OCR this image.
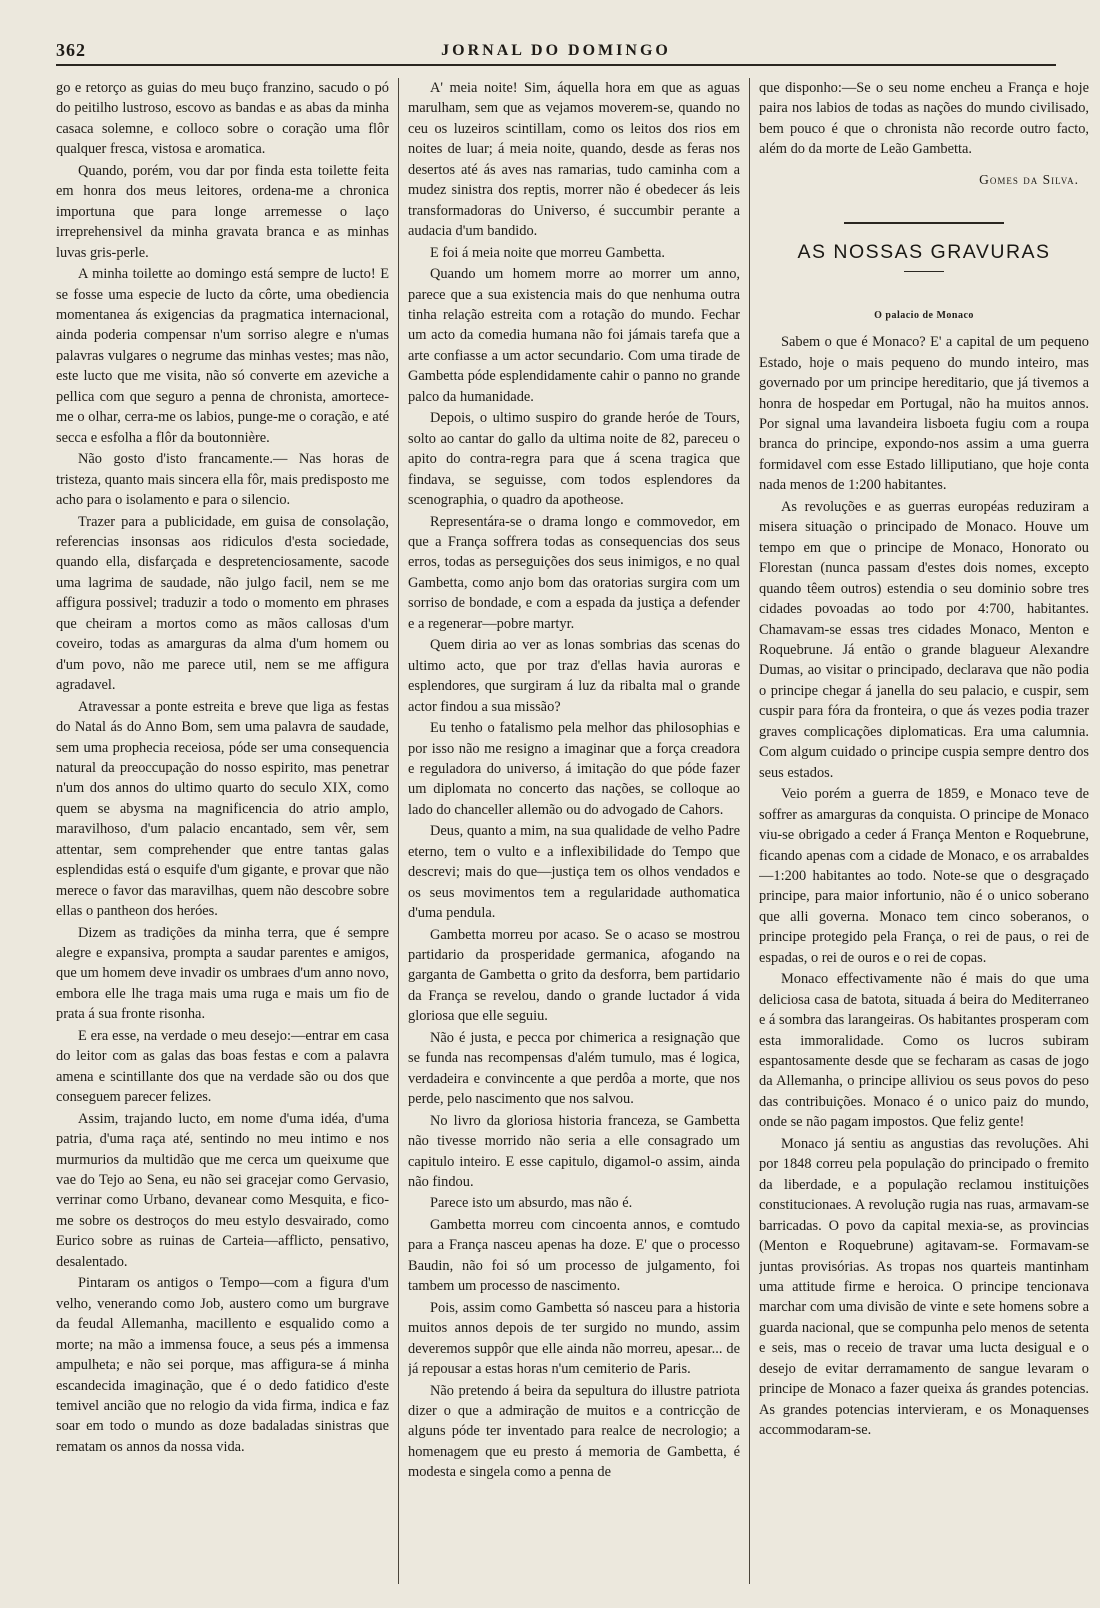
362	JORNAL DO DOMINGO

go e retorço as guias do meu buço franzino, sacudo o pó do peitilho lustroso, escovo as bandas e as abas da minha casaca solemne, e colloco sobre o coração uma flôr qualquer fresca, vistosa e aromatica.

Quando, porém, vou dar por finda esta toilette feita em honra dos meus leitores, ordena-me a chronica importuna que para longe arremesse o laço irreprehensivel da minha gravata branca e as minhas luvas gris-perle.

A minha toilette ao domingo está sempre de lucto! E se fosse uma especie de lucto da côrte, uma obediencia momentanea ás exigencias da pragmatica internacional, ainda poderia compensar n'um sorriso alegre e n'umas palavras vulgares o negrume das minhas vestes; mas não, este lucto que me visita, não só converte em azeviche a pellica com que seguro a penna de chronista, amortece-me o olhar, cerra-me os labios, punge-me o coração, e até secca e esfolha a flôr da boutonnière.

Não gosto d'isto francamente.— Nas horas de tristeza, quanto mais sincera ella fôr, mais predisposto me acho para o isolamento e para o silencio.

Trazer para a publicidade, em guisa de consolação, referencias insonsas aos ridiculos d'esta sociedade, quando ella, disfarçada e despretenciosamente, sacode uma lagrima de saudade, não julgo facil, nem se me affigura possivel; traduzir a todo o momento em phrases que cheiram a mortos como as mãos callosas d'um coveiro, todas as amarguras da alma d'um homem ou d'um povo, não me parece util, nem se me affigura agradavel.

Atravessar a ponte estreita e breve que liga as festas do Natal ás do Anno Bom, sem uma palavra de saudade, sem uma prophecia receiosa, póde ser uma consequencia natural da preoccupação do nosso espirito, mas penetrar n'um dos annos do ultimo quarto do seculo XIX, como quem se abysma na magnificencia do atrio amplo, maravilhoso, d'um palacio encantado, sem vêr, sem attentar, sem comprehender que entre tantas galas esplendidas está o esquife d'um gigante, e provar que não merece o favor das maravilhas, quem não descobre sobre ellas o pantheon dos heróes.

Dizem as tradições da minha terra, que é sempre alegre e expansiva, prompta a saudar parentes e amigos, que um homem deve invadir os umbraes d'um anno novo, embora elle lhe traga mais uma ruga e mais um fio de prata á sua fronte risonha.

E era esse, na verdade o meu desejo:—entrar em casa do leitor com as galas das boas festas e com a palavra amena e scintillante dos que na verdade são ou dos que conseguem parecer felizes.

Assim, trajando lucto, em nome d'uma idéa, d'uma patria, d'uma raça até, sentindo no meu intimo e nos murmurios da multidão que me cerca um queixume que vae do Tejo ao Sena, eu não sei gracejar como Gervasio, verrinar como Urbano, devanear como Mesquita, e fico-me sobre os destroços do meu estylo desvairado, como Eurico sobre as ruinas de Carteia—afflicto, pensativo, desalentado.

Pintaram os antigos o Tempo—com a figura d'um velho, venerando como Job, austero como um burgrave da feudal Allemanha, macillento e esqualido como a morte; na mão a immensa fouce, a seus pés a immensa ampulheta; e não sei porque, mas affigura-se á minha escandecida imaginação, que é o dedo fatidico d'este temivel ancião que no relogio da vida firma, indica e faz soar em todo o mundo as doze badaladas sinistras que rematam os annos da nossa vida.

A' meia noite! Sim, áquella hora em que as aguas marulham, sem que as vejamos moverem-se, quando no ceu os luzeiros scintillam, como os leitos dos rios em noites de luar; á meia noite, quando, desde as feras nos desertos até ás aves nas ramarias, tudo caminha com a mudez sinistra dos reptis, morrer não é obedecer ás leis transformadoras do Universo, é succumbir perante a audacia d'um bandido.

E foi á meia noite que morreu Gambetta.

Quando um homem morre ao morrer um anno, parece que a sua existencia mais do que nenhuma outra tinha relação estreita com a rotação do mundo. Fechar um acto da comedia humana não foi jámais tarefa que a arte confiasse a um actor secundario. Com uma tirade de Gambetta póde esplendidamente cahir o panno no grande palco da humanidade.

Depois, o ultimo suspiro do grande heróe de Tours, solto ao cantar do gallo da ultima noite de 82, pareceu o apito do contra-regra para que á scena tragica que findava, se seguisse, com todos esplendores da scenographia, o quadro da apotheose.

Representára-se o drama longo e commovedor, em que a França soffrera todas as consequencias dos seus erros, todas as perseguições dos seus inimigos, e no qual Gambetta, como anjo bom das oratorias surgira com um sorriso de bondade, e com a espada da justiça a defender e a regenerar—pobre martyr.

Quem diria ao ver as lonas sombrias das scenas do ultimo acto, que por traz d'ellas havia auroras e esplendores, que surgiram á luz da ribalta mal o grande actor findou a sua missão?

Eu tenho o fatalismo pela melhor das philosophias e por isso não me resigno a imaginar que a força creadora e reguladora do universo, á imitação do que póde fazer um diplomata no concerto das nações, se colloque ao lado do chanceller allemão ou do advogado de Cahors.

Deus, quanto a mim, na sua qualidade de velho Padre eterno, tem o vulto e a inflexibilidade do Tempo que descrevi; mais do que—justiça tem os olhos vendados e os seus movimentos tem a regularidade authomatica d'uma pendula.

Gambetta morreu por acaso. Se o acaso se mostrou partidario da prosperidade germanica, afogando na garganta de Gambetta o grito da desforra, bem partidario da França se revelou, dando o grande luctador á vida gloriosa que elle seguiu.

Não é justa, e pecca por chimerica a resignação que se funda nas recompensas d'além tumulo, mas é logica, verdadeira e convincente a que perdôa a morte, que nos perde, pelo nascimento que nos salvou.

No livro da gloriosa historia franceza, se Gambetta não tivesse morrido não seria a elle consagrado um capitulo inteiro. E esse capitulo, digamol-o assim, ainda não findou.

Parece isto um absurdo, mas não é.

Gambetta morreu com cincoenta annos, e comtudo para a França nasceu apenas ha doze. E' que o processo Baudin, não foi só um processo de julgamento, foi tambem um processo de nascimento.

Pois, assim como Gambetta só nasceu para a historia muitos annos depois de ter surgido no mundo, assim deveremos suppôr que elle ainda não morreu, apesar... de já repousar a estas horas n'um cemiterio de Paris.

Não pretendo á beira da sepultura do illustre patriota dizer o que a admiração de muitos e a contricção de alguns póde ter inventado para realce de necrologio; a homenagem que eu presto á memoria de Gambetta, é modesta e singela como a penna de

que disponho:—Se o seu nome encheu a França e hoje paira nos labios de todas as nações do mundo civilisado, bem pouco é que o chronista não recorde outro facto, além do da morte de Leão Gambetta.

Gomes da Silva.
AS NOSSAS GRAVURAS
O palacio de Monaco

Sabem o que é Monaco? E' a capital de um pequeno Estado, hoje o mais pequeno do mundo inteiro, mas governado por um principe hereditario, que já tivemos a honra de hospedar em Portugal, não ha muitos annos. Por signal uma lavandeira lisboeta fugiu com a roupa branca do principe, expondo-nos assim a uma guerra formidavel com esse Estado lilliputiano, que hoje conta nada menos de 1:200 habitantes.

As revoluções e as guerras européas reduziram a misera situação o principado de Monaco. Houve um tempo em que o principe de Monaco, Honorato ou Florestan (nunca passam d'estes dois nomes, excepto quando têem outros) estendia o seu dominio sobre tres cidades povoadas ao todo por 4:700, habitantes. Chamavam-se essas tres cidades Monaco, Menton e Roquebrune. Já então o grande blagueur Alexandre Dumas, ao visitar o principado, declarava que não podia o principe chegar á janella do seu palacio, e cuspir, sem cuspir para fóra da fronteira, o que ás vezes podia trazer graves complicações diplomaticas. Era uma calumnia. Com algum cuidado o principe cuspia sempre dentro dos seus estados.

Veio porém a guerra de 1859, e Monaco teve de soffrer as amarguras da conquista. O principe de Monaco viu-se obrigado a ceder á França Menton e Roquebrune, ficando apenas com a cidade de Monaco, e os arrabaldes—1:200 habitantes ao todo. Note-se que o desgraçado principe, para maior infortunio, não é o unico soberano que alli governa. Monaco tem cinco soberanos, o principe protegido pela França, o rei de paus, o rei de espadas, o rei de ouros e o rei de copas.

Monaco effectivamente não é mais do que uma deliciosa casa de batota, situada á beira do Mediterraneo e á sombra das larangeiras. Os habitantes prosperam com esta immoralidade. Como os lucros subiram espantosamente desde que se fecharam as casas de jogo da Allemanha, o principe alliviou os seus povos do peso das contribuições. Monaco é o unico paiz do mundo, onde se não pagam impostos. Que feliz gente!

Monaco já sentiu as angustias das revoluções. Ahi por 1848 correu pela população do principado o fremito da liberdade, e a população reclamou instituições constitucionaes. A revolução rugia nas ruas, armavam-se barricadas. O povo da capital mexia-se, as provincias (Menton e Roquebrune) agitavam-se. Formavam-se juntas provisórias. As tropas nos quarteis mantinham uma attitude firme e heroica. O principe tencionava marchar com uma divisão de vinte e sete homens sobre a guarda nacional, que se compunha pelo menos de setenta e seis, mas o receio de travar uma lucta desigual e o desejo de evitar derramamento de sangue levaram o principe de Monaco a fazer queixa ás grandes potencias. As grandes potencias intervieram, e os Monaquenses accommodaram-se.
